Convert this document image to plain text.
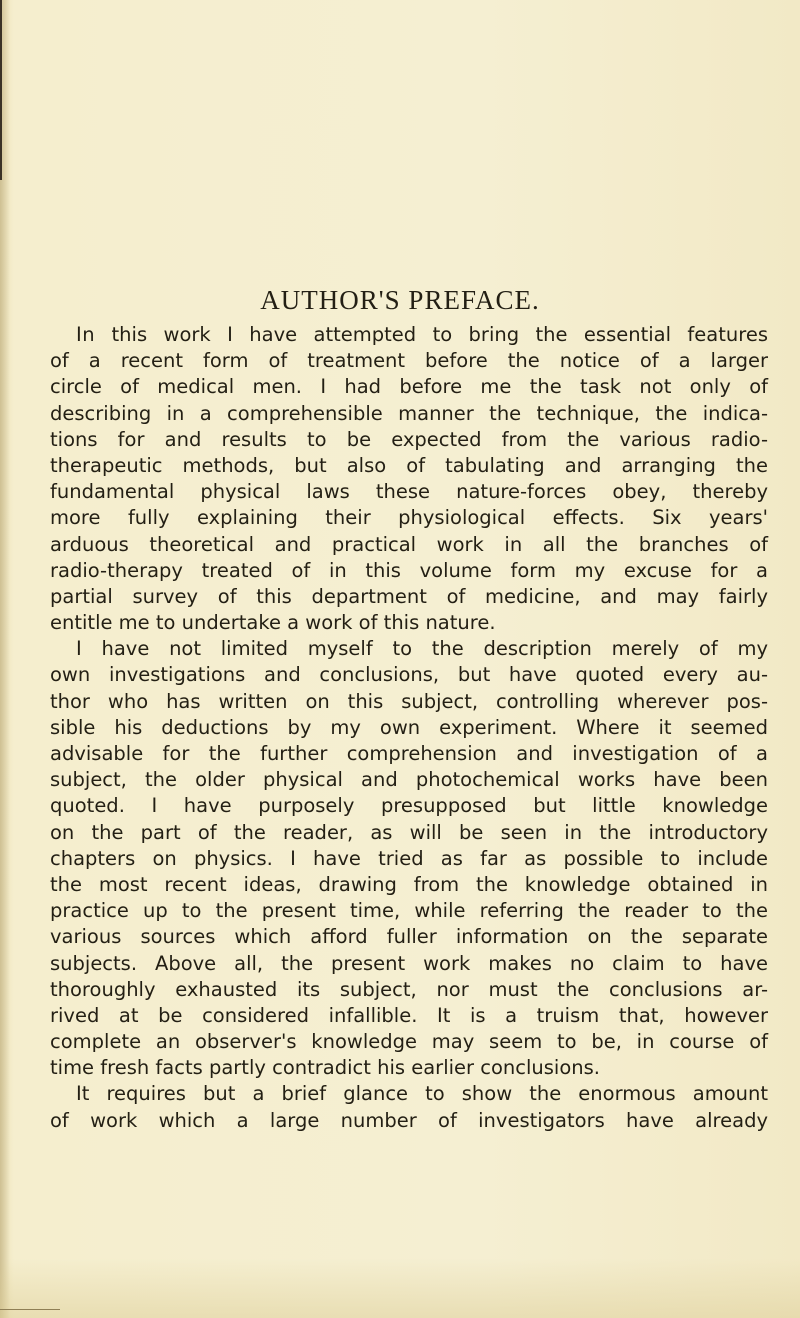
AUTHOR'S PREFACE.
In this work I have attempted to bring the essential features
of a recent form of treatment before the notice of a larger
circle of medical men. I had before me the task not only of
describing in a comprehensible manner the technique, the indica-
tions for and results to be expected from the various radio-
therapeutic methods, but also of tabulating and arranging the
fundamental physical laws these nature-forces obey, thereby
more fully explaining their physiological effects. Six years'
arduous theoretical and practical work in all the branches of
radio-therapy treated of in this volume form my excuse for a
partial survey of this department of medicine, and may fairly
entitle me to undertake a work of this nature.
I have not limited myself to the description merely of my
own investigations and conclusions, but have quoted every au-
thor who has written on this subject, controlling wherever pos-
sible his deductions by my own experiment. Where it seemed
advisable for the further comprehension and investigation of a
subject, the older physical and photochemical works have been
quoted. I have purposely presupposed but little knowledge
on the part of the reader, as will be seen in the introductory
chapters on physics. I have tried as far as possible to include
the most recent ideas, drawing from the knowledge obtained in
practice up to the present time, while referring the reader to the
various sources which afford fuller information on the separate
subjects. Above all, the present work makes no claim to have
thoroughly exhausted its subject, nor must the conclusions ar-
rived at be considered infallible. It is a truism that, however
complete an observer's knowledge may seem to be, in course of
time fresh facts partly contradict his earlier conclusions.
It requires but a brief glance to show the enormous amount
of work which a large number of investigators have already
